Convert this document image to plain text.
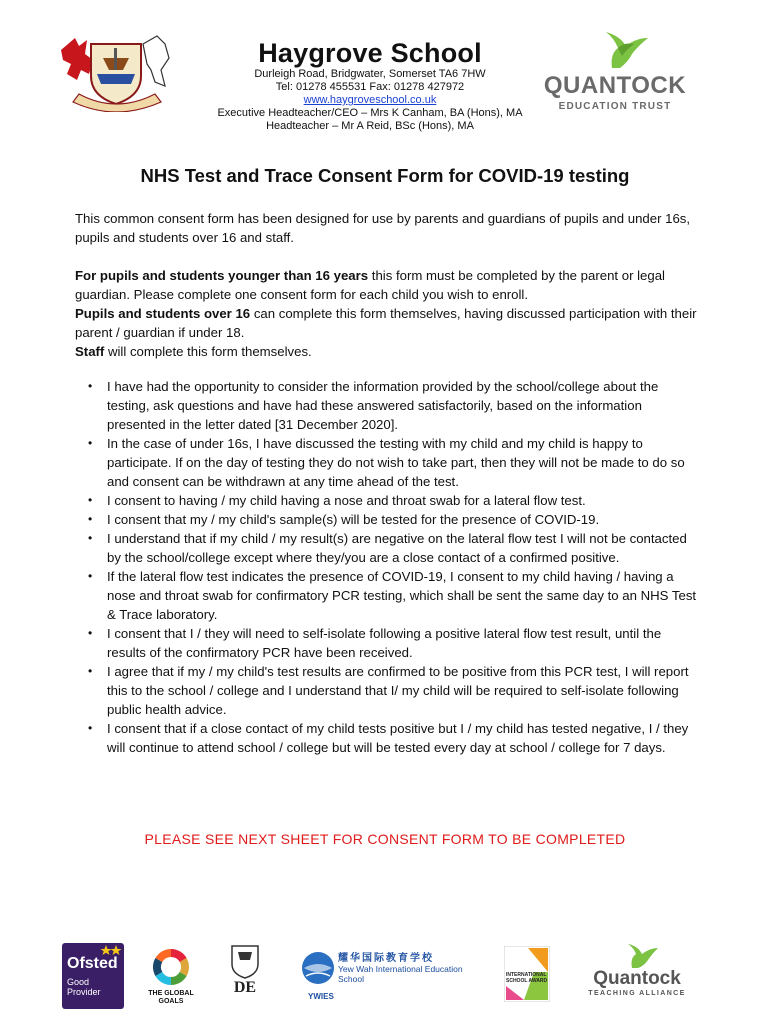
Haygrove School
Durleigh Road, Bridgwater, Somerset TA6 7HW
Tel: 01278 455531 Fax: 01278 427972
www.haygroveschool.co.uk
Executive Headteacher/CEO – Mrs K Canham, BA (Hons), MA
Headteacher – Mr A Reid, BSc (Hons), MA
QUANTOCK
EDUCATION TRUST
NHS Test and Trace Consent Form for COVID-19 testing
This common consent form has been designed for use by parents and guardians of pupils and under 16s, pupils and students over 16 and staff.
For pupils and students younger than 16 years this form must be completed by the parent or legal guardian. Please complete one consent form for each child you wish to enroll.
Pupils and students over 16 can complete this form themselves, having discussed participation with their parent / guardian if under 18.
Staff will complete this form themselves.
• I have had the opportunity to consider the information provided by the school/college about the testing, ask questions and have had these answered satisfactorily, based on the information presented in the letter dated [31 December 2020].
• In the case of under 16s, I have discussed the testing with my child and my child is happy to participate. If on the day of testing they do not wish to take part, then they will not be made to do so and consent can be withdrawn at any time ahead of the test.
• I consent to having / my child having a nose and throat swab for a lateral flow test.
• I consent that my / my child's sample(s) will be tested for the presence of COVID-19.
• I understand that if my child / my result(s) are negative on the lateral flow test I will not be contacted by the school/college except where they/you are a close contact of a confirmed positive.
• If the lateral flow test indicates the presence of COVID-19, I consent to my child having / having a nose and throat swab for confirmatory PCR testing, which shall be sent the same day to an NHS Test & Trace laboratory.
• I consent that I / they will need to self-isolate following a positive lateral flow test result, until the results of the confirmatory PCR have been received.
• I agree that if my / my child's test results are confirmed to be positive from this PCR test, I will report this to the school / college and I understand that I/ my child will be required to self-isolate following public health advice.
• I consent that if a close contact of my child tests positive but I / my child has tested negative, I / they will continue to attend school / college but will be tested every day at school / college for 7 days.
PLEASE SEE NEXT SHEET FOR CONSENT FORM TO BE COMPLETED
Ofsted
Good Provider	THE GLOBAL GOALS
DE
耀华国际教育学校
Yew Wah International Education School
YWIES
INTERNATIONAL SCHOOL AWARD	Quantock
TEACHING ALLIANCE
